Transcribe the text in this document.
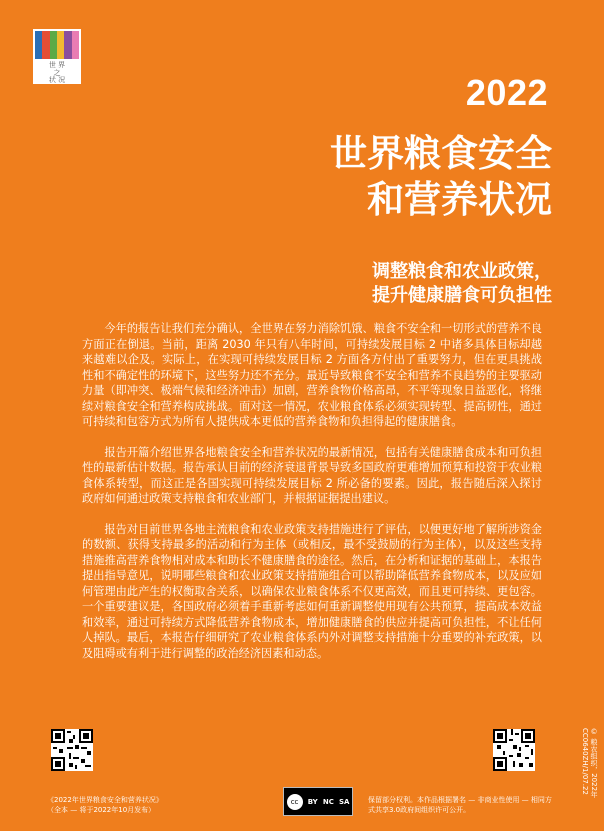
世 界
之
状 况	2022
世界粮食安全
和营养状况
调整粮食和农业政策，
提升健康膳食可负担性

今年的报告让我们充分确认，全世界在努力消除饥饿、粮食不安全和一切形式的营养不良方面正在倒退。当前，距离 2030 年只有八年时间，可持续发展目标 2 中诸多具体目标却越来越难以企及。实际上，在实现可持续发展目标 2 方面各方付出了重要努力，但在更具挑战性和不确定性的环境下，这些努力还不充分。最近导致粮食不安全和营养不良趋势的主要驱动力量（即冲突、极端气候和经济冲击）加剧，营养食物价格高昂，不平等现象日益恶化，将继续对粮食安全和营养构成挑战。面对这一情况，农业粮食体系必须实现转型、提高韧性，通过可持续和包容方式为所有人提供成本更低的营养食物和负担得起的健康膳食。

报告开篇介绍世界各地粮食安全和营养状况的最新情况，包括有关健康膳食成本和可负担性的最新估计数据。报告承认目前的经济衰退背景导致多国政府更难增加预算和投资于农业粮食体系转型，而这正是各国实现可持续发展目标 2 所必备的要素。因此，报告随后深入探讨政府如何通过政策支持粮食和农业部门，并根据证据提出建议。

报告对目前世界各地主流粮食和农业政策支持措施进行了评估，以便更好地了解所涉资金的数额、获得支持最多的活动和行为主体（或相反，最不受鼓励的行为主体），以及这些支持措施推高营养食物相对成本和助长不健康膳食的途径。然后，在分析和证据的基础上，本报告提出指导意见，说明哪些粮食和农业政策支持措施组合可以帮助降低营养食物成本，以及应如何管理由此产生的权衡取舍关系，以确保农业粮食体系不仅更高效，而且更可持续、更包容。一个重要建议是，各国政府必须着手重新考虑如何重新调整使用现有公共预算，提高成本效益和效率，通过可持续方式降低营养食物成本，增加健康膳食的供应并提高可负担性，不让任何人掉队。最后，本报告仔细研究了农业粮食体系内外对调整支持措施十分重要的补充政策，以及阻碍或有利于进行调整的政治经济因素和动态。

《2022年世界粮食安全和营养状况》
（全本 — 将于2022年10月发布）
cc	BY NC SA	保留部分权利。本作品根据署名 — 非商业性使用 — 相同方式共享3.0政府间组织许可公开。
© 粮农组织，2022年
CC0640ZH/1/07.22
